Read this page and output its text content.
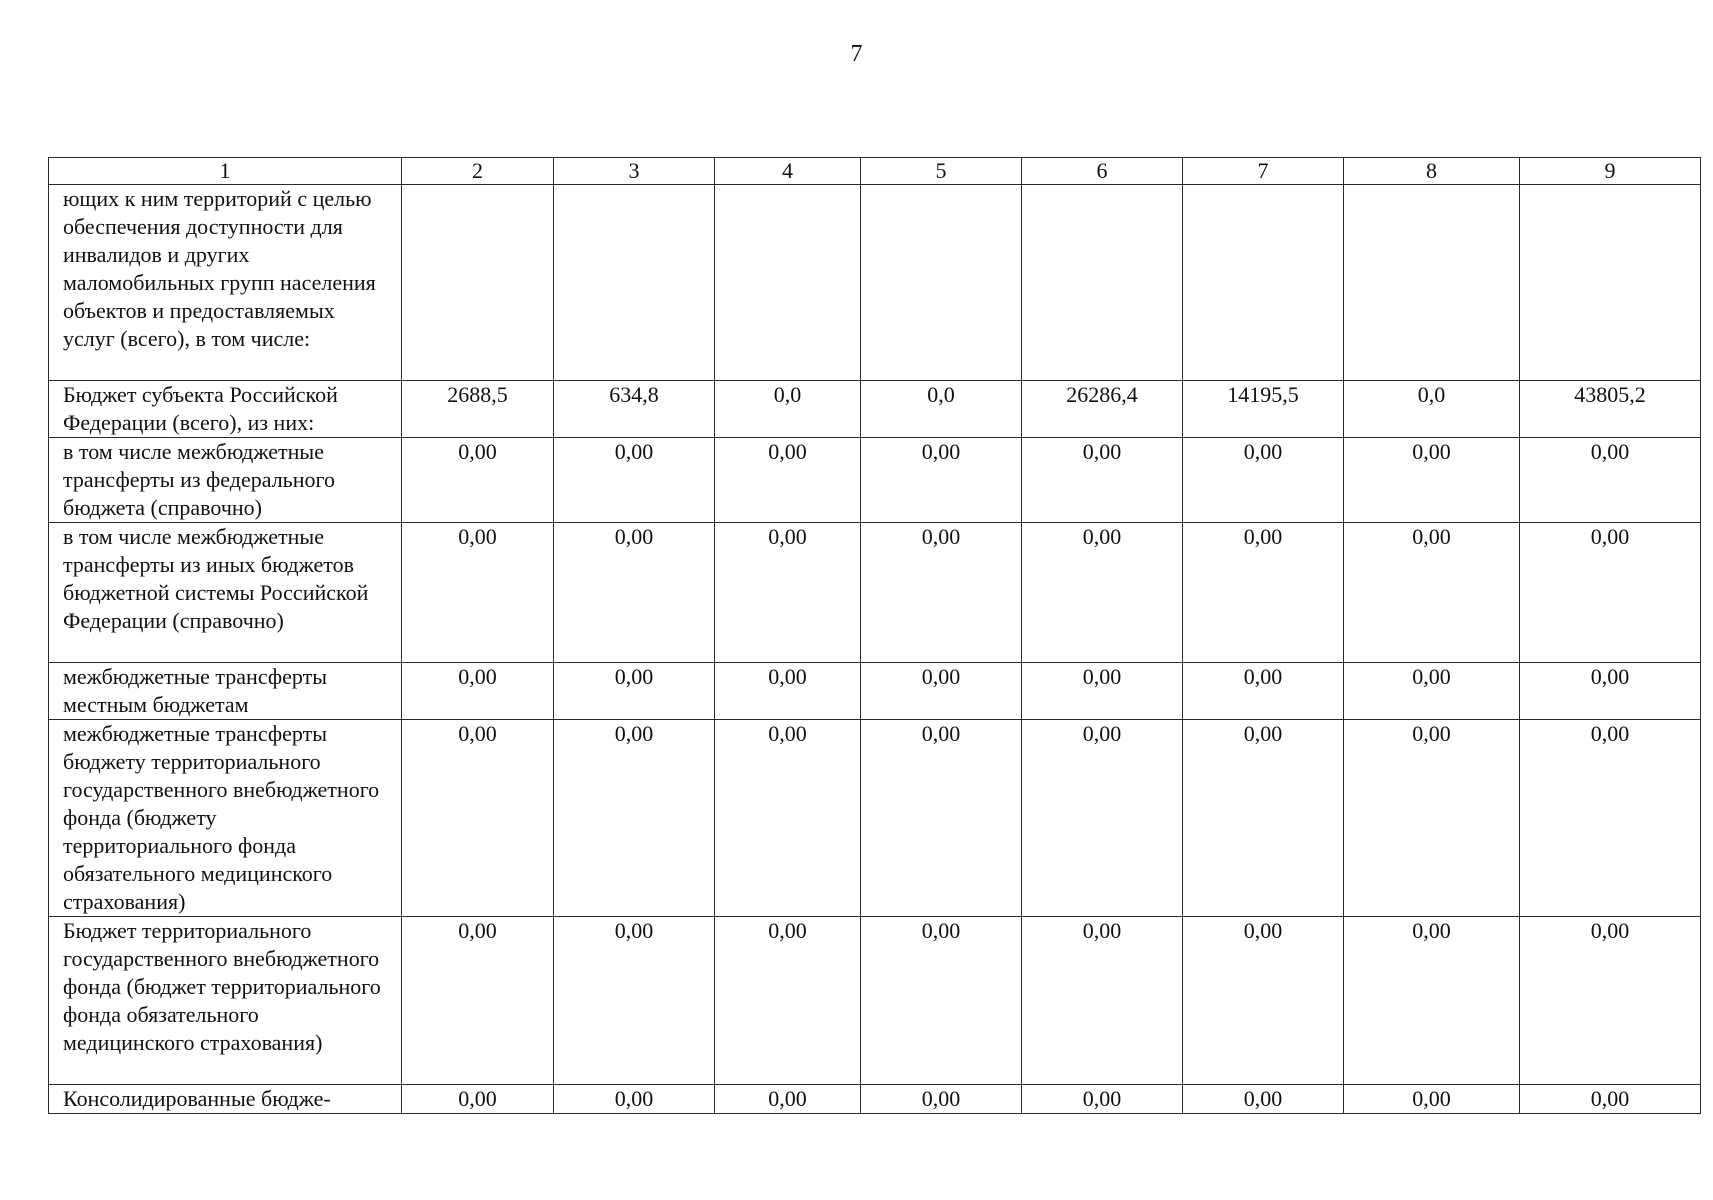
7
1	2	3	4	5	6	7	8	9
ющих к ним территорий с целью обеспечения доступности для инвалидов и других маломобильных групп населения объектов и предоставляемых услуг (всего), в том числе:								
Бюджет субъекта Российской Федерации (всего), из них:	2688,5	634,8	0,0	0,0	26286,4	14195,5	0,0	43805,2
в том числе межбюджетные трансферты из федерального бюджета (справочно)	0,00	0,00	0,00	0,00	0,00	0,00	0,00	0,00
в том числе межбюджетные трансферты из иных бюджетов бюджетной системы Российской Федерации (справочно)	0,00	0,00	0,00	0,00	0,00	0,00	0,00	0,00
межбюджетные трансферты местным бюджетам	0,00	0,00	0,00	0,00	0,00	0,00	0,00	0,00
межбюджетные трансферты бюджету территориального государственного внебюджетного фонда (бюджету территориального фонда обязательного медицинского страхования)	0,00	0,00	0,00	0,00	0,00	0,00	0,00	0,00
Бюджет территориального государственного внебюджетного фонда (бюджет территориального фонда обязательного медицинского страхования)	0,00	0,00	0,00	0,00	0,00	0,00	0,00	0,00
Консолидированные бюдже-	0,00	0,00	0,00	0,00	0,00	0,00	0,00	0,00
